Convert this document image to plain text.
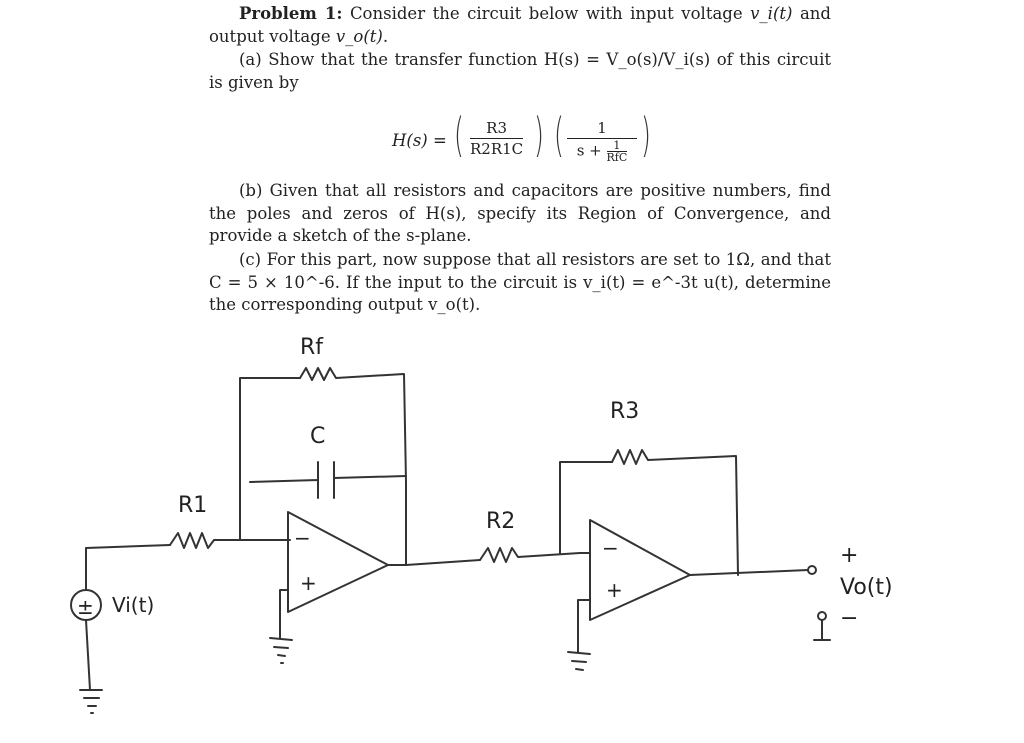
Problem 1: Consider the circuit below with input voltage v_i(t) and output voltage v_o(t).
(a) Show that the transfer function H(s) = V_o(s)/V_i(s) of this circuit is given by
H(s) = ( $\frac{R3}{R2R1C}$ ) (	1
s +	1
RfC )
(b) Given that all resistors and capacitors are positive numbers, find the poles and zeros of H(s), specify its Region of Convergence, and provide a sketch of the s-plane.
(c) For this part, now suppose that all resistors are set to 1Ω, and that C = 5 × 10^-6. If the input to the circuit is v_i(t) = e^-3t u(t), determine the corresponding output v_o(t).
± Vi(t)
R1
Rf
C
−
+
R2
−
+
R3
+
Vo(t)
−
